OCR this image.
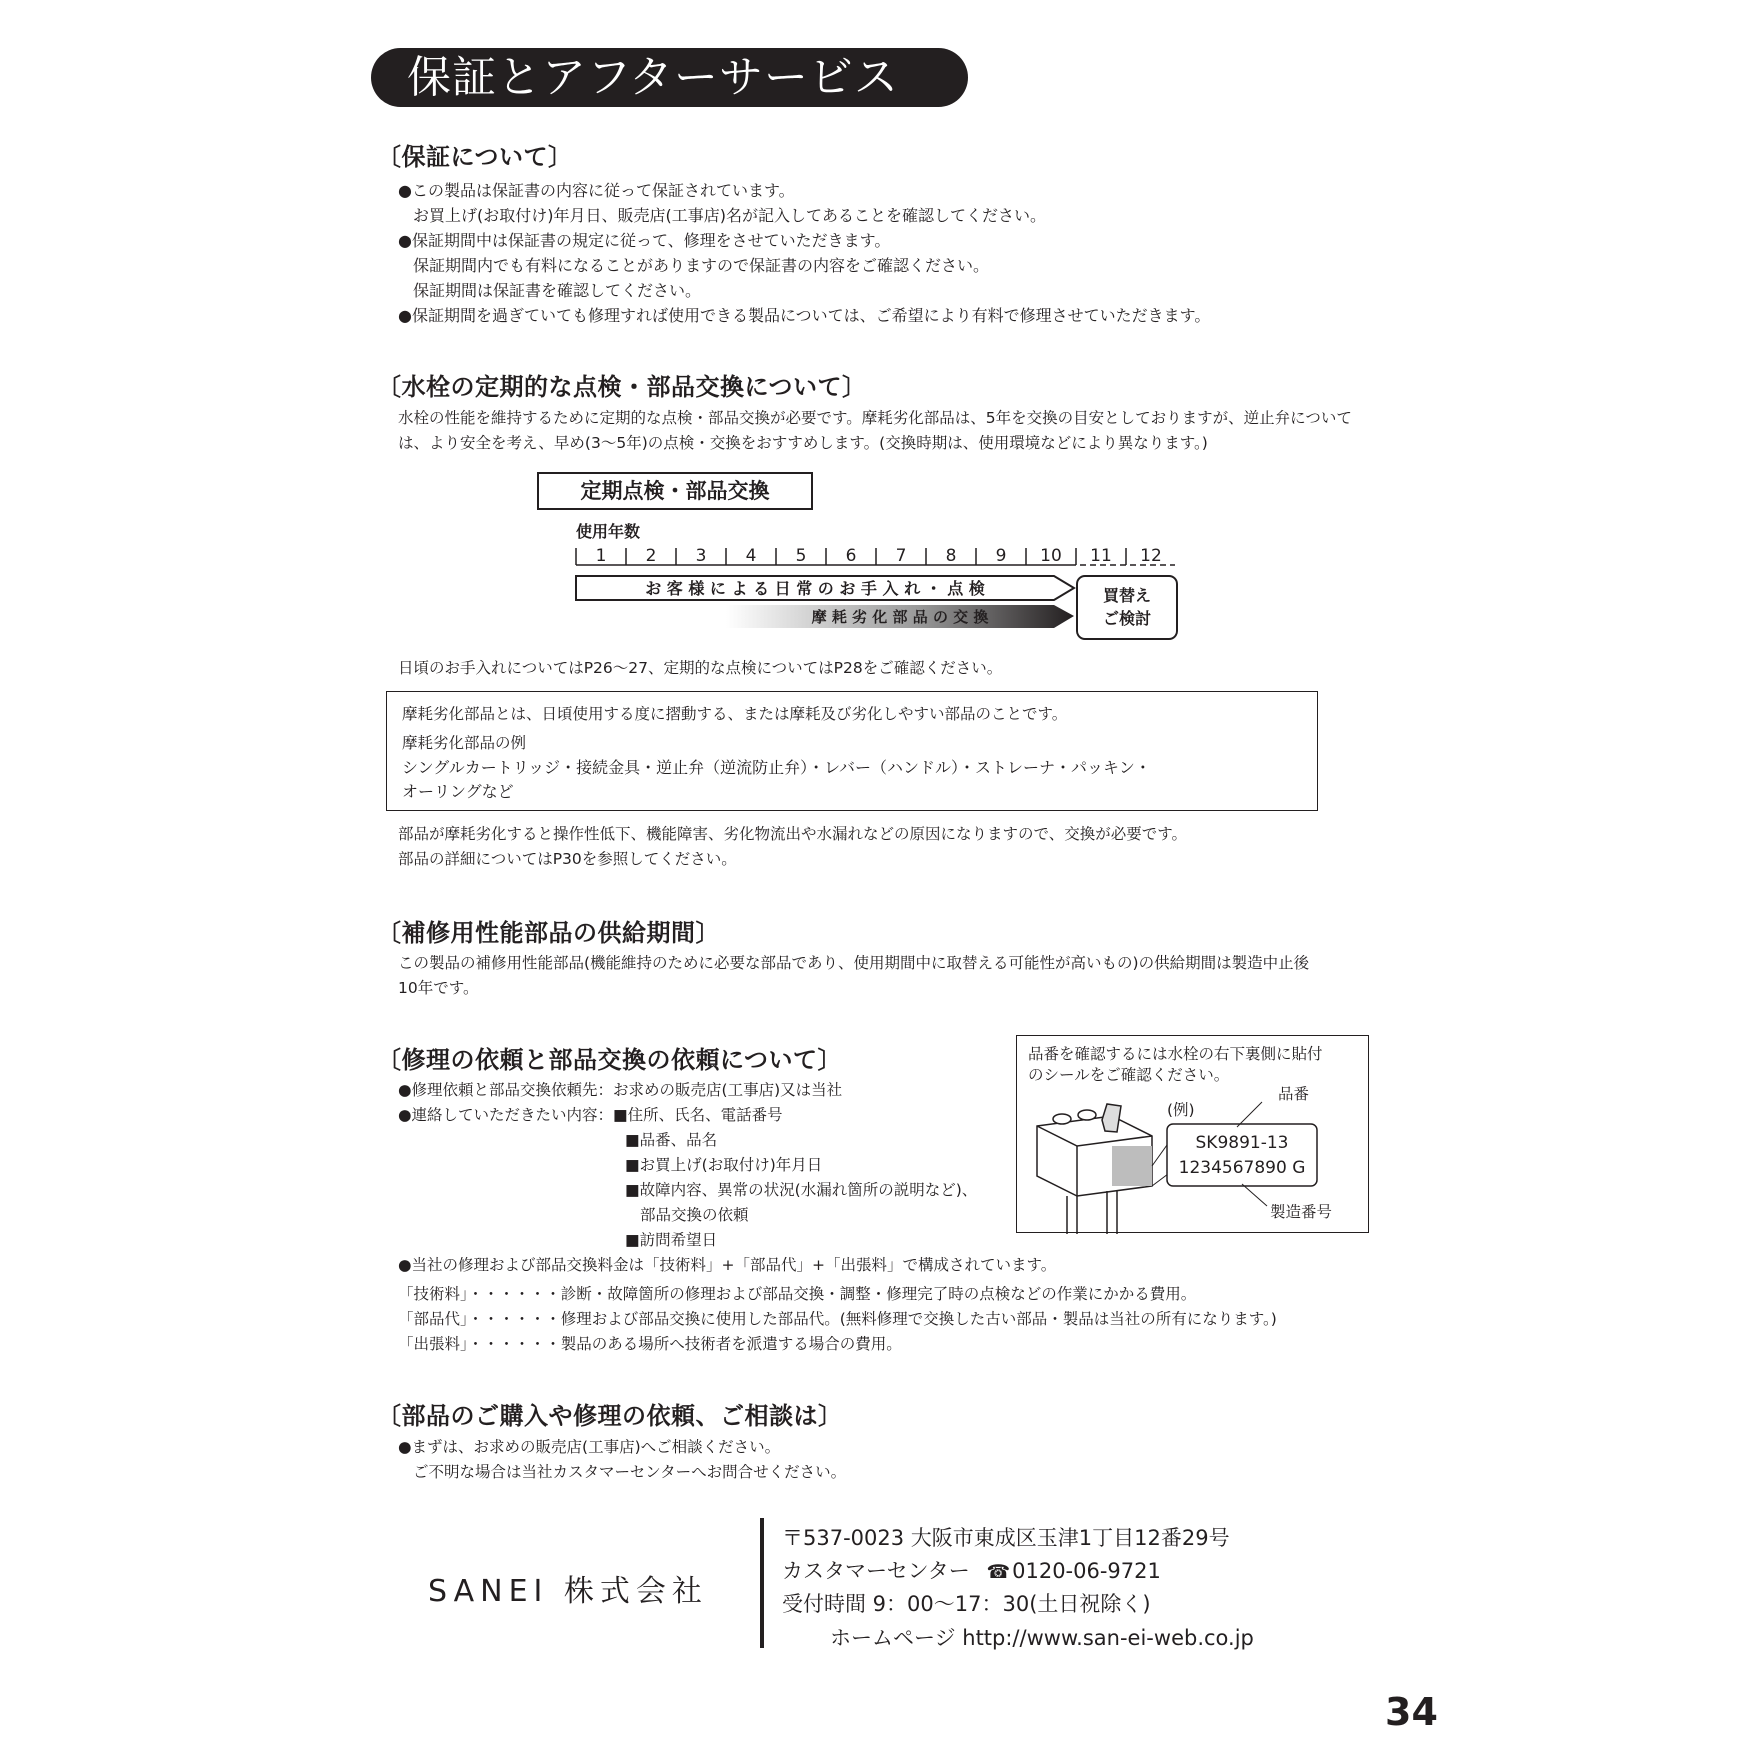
保証とアフターサービス
〔保証について〕
●この製品は保証書の内容に従って保証されています。
お買上げ(お取付け)年月日、販売店(工事店)名が記入してあることを確認してください。
●保証期間中は保証書の規定に従って、修理をさせていただきます。
保証期間内でも有料になることがありますので保証書の内容をご確認ください。
保証期間は保証書を確認してください。
●保証期間を過ぎていても修理すれば使用できる製品については、ご希望により有料で修理させていただきます。
〔水栓の定期的な点検・部品交換について〕
水栓の性能を維持するために定期的な点検・部品交換が必要です。摩耗劣化部品は、5年を交換の目安としておりますが、逆止弁について
は、より安全を考え、早め(3〜5年)の点検・交換をおすすめします。(交換時期は、使用環境などにより異なります。)
定期点検・部品交換
使用年数
1 2 3 4 5 6 7 8 9 10 11 12
お 客 様 に よ る 日 常 の お 手 入 れ ・ 点 検
摩 耗 劣 化 部 品 の 交 換
買替え
ご検討
日頃のお手入れについてはP26〜27、定期的な点検についてはP28をご確認ください。
摩耗劣化部品とは、日頃使用する度に摺動する、または摩耗及び劣化しやすい部品のことです。
摩耗劣化部品の例
シングルカートリッジ・接続金具・逆止弁（逆流防止弁）・レバー（ハンドル）・ストレーナ・パッキン・
オーリングなど
部品が摩耗劣化すると操作性低下、機能障害、劣化物流出や水漏れなどの原因になりますので、交換が必要です。
部品の詳細についてはP30を参照してください。
〔補修用性能部品の供給期間〕
この製品の補修用性能部品(機能維持のために必要な部品であり、使用期間中に取替える可能性が高いもの)の供給期間は製造中止後
10年です。
〔修理の依頼と部品交換の依頼について〕
●修理依頼と部品交換依頼先：お求めの販売店(工事店)又は当社
●連絡していただきたい内容：■住所、氏名、電話番号
■品番、品名
■お買上げ(お取付け)年月日
■故障内容、異常の状況(水漏れ箇所の説明など)、
部品交換の依頼
■訪問希望日
●当社の修理および部品交換料金は「技術料」+「部品代」+「出張料」で構成されています。
「技術料」・・・・・・診断・故障箇所の修理および部品交換・調整・修理完了時の点検などの作業にかかる費用。
「部品代」・・・・・・修理および部品交換に使用した部品代。(無料修理で交換した古い部品・製品は当社の所有になります。)
「出張料」・・・・・・製品のある場所へ技術者を派遣する場合の費用。
品番を確認するには水栓の右下裏側に貼付
のシールをご確認ください。
品番
(例)
SK9891-13
1234567890 G
製造番号
〔部品のご購入や修理の依頼、ご相談は〕
●まずは、お求めの販売店(工事店)へご相談ください。
ご不明な場合は当社カスタマーセンターへお問合せください。
SANEI 株式会社
〒537-0023 大阪市東成区玉津1丁目12番29号
カスタマーセンター ☎0120-06-9721
受付時間 9：00〜17：30(土日祝除く)
ホームページ http://www.san-ei-web.co.jp
34
